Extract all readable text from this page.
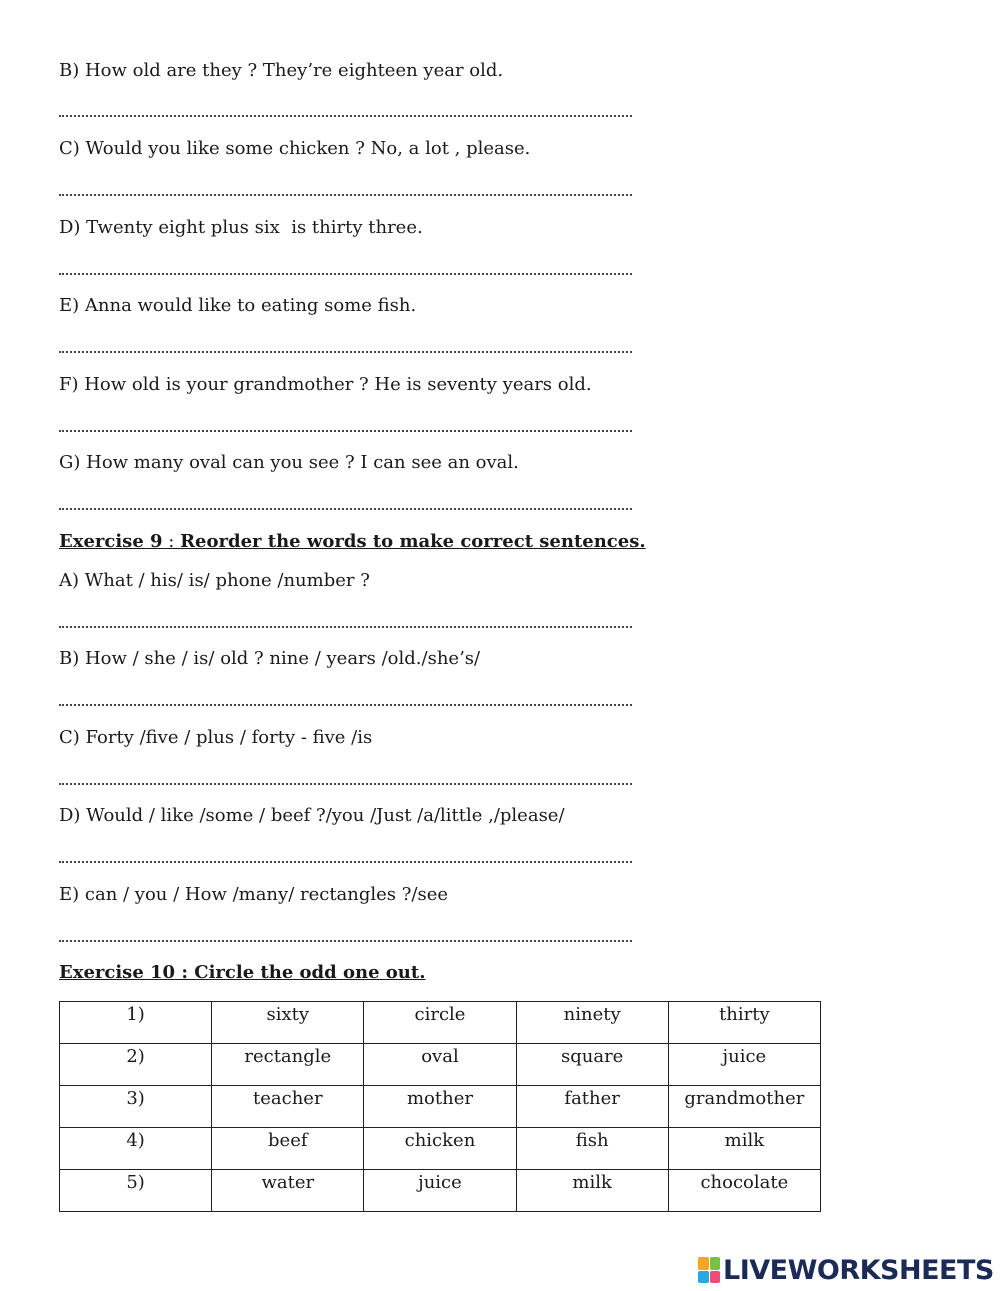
B) How old are they ? They’re eighteen year old.
C) Would you like some chicken ? No, a lot , please.
D) Twenty eight plus six  is thirty three.
E) Anna would like to eating some fish.
F) How old is your grandmother ? He is seventy years old.
G) How many oval can you see ? I can see an oval.
Exercise 9 : Reorder the words to make correct sentences.
A) What / his/ is/ phone /number ?
B) How / she / is/ old ? nine / years /old./she’s/
C) Forty /five / plus / forty - five /is
D) Would / like /some / beef ?/you /Just /a/little ,/please/
E) can / you / How /many/ rectangles ?/see
Exercise 10 : Circle the odd one out.
1)	sixty	circle	ninety	thirty
2)	rectangle	oval	square	juice
3)	teacher	mother	father	grandmother
4)	beef	chicken	fish	milk
5)	water	juice	milk	chocolate
LIVEWORKSHEETS
